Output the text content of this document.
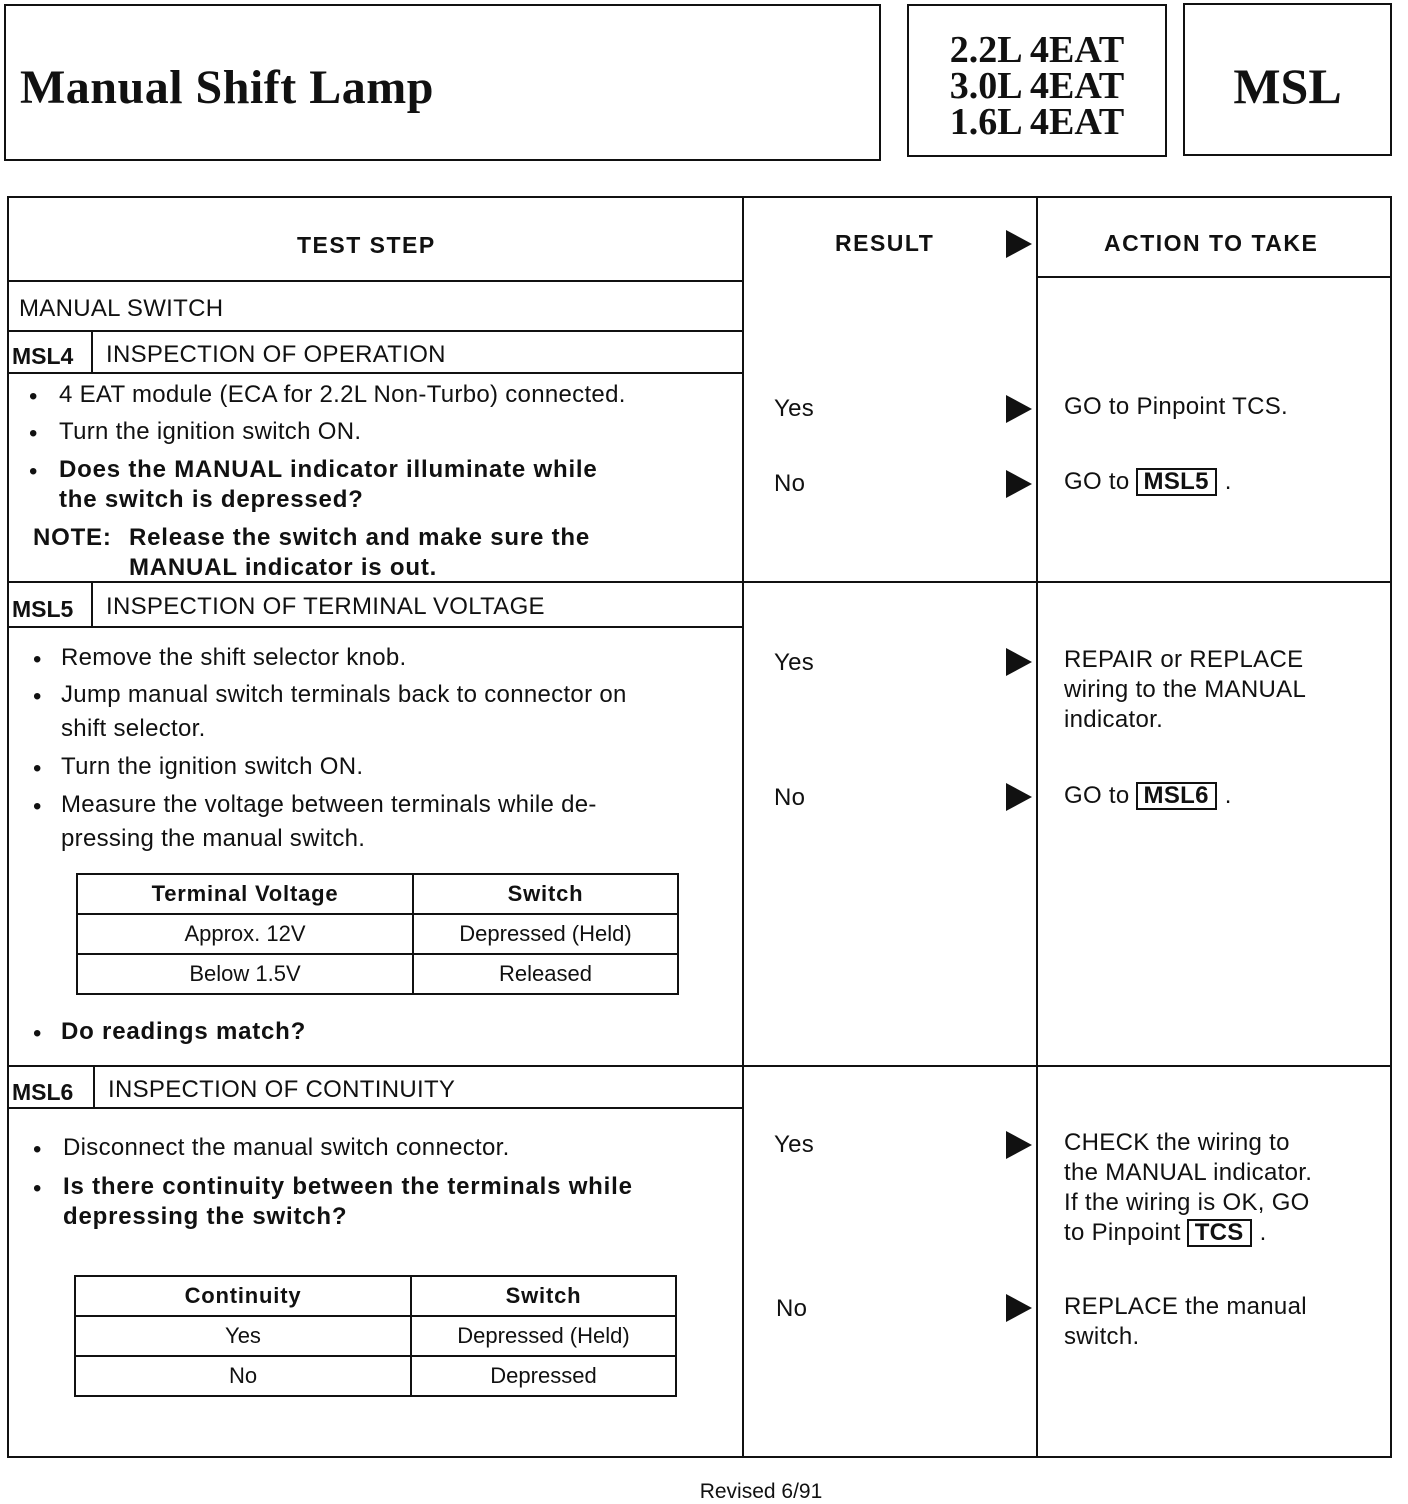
Manual Shift Lamp
2.2L 4EAT
3.0L 4EAT
1.6L 4EAT
MSL
TEST STEP	RESULT	ACTION TO TAKE
MANUAL SWITCH
MSL4 INSPECTION OF OPERATION
• 4 EAT module (ECA for 2.2L Non-Turbo) connected.
• Turn the ignition switch ON.
• Does the MANUAL indicator illuminate while
the switch is depressed?
NOTE: Release the switch and make sure the
MANUAL indicator is out.
Yes	GO to Pinpoint TCS.
No	GO to MSL5 .
MSL5 INSPECTION OF TERMINAL VOLTAGE
• Remove the shift selector knob.
• Jump manual switch terminals back to connector on
shift selector.
• Turn the ignition switch ON.
• Measure the voltage between terminals while de-
pressing the manual switch.
Terminal Voltage	Switch
Approx. 12V	Depressed (Held)
Below 1.5V	Released
• Do readings match?
Yes	REPAIR or REPLACE
wiring to the MANUAL
indicator.
No	GO to MSL6 .
MSL6 INSPECTION OF CONTINUITY
• Disconnect the manual switch connector.
• Is there continuity between the terminals while
depressing the switch?
Continuity	Switch
Yes	Depressed (Held)
No	Depressed
Yes	CHECK the wiring to
the MANUAL indicator.
If the wiring is OK, GO
to Pinpoint TCS .
No	REPLACE the manual
switch.
Revised 6/91
